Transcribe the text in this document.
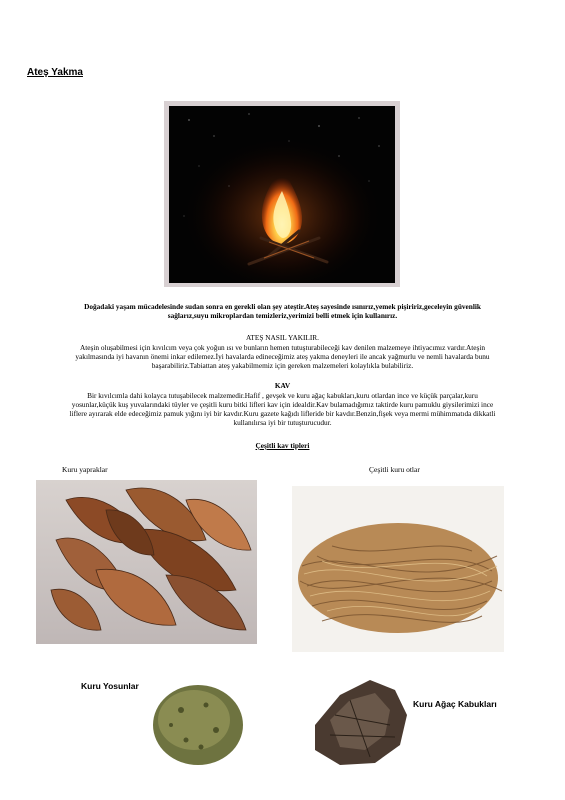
Ateş Yakma
Doğadaki yaşam mücadelesinde sudan sonra en gerekli olan şey ateştir.Ateş sayesinde ısınırız,yemek pişiririz,geceleyin güvenlik
sağlarız,suyu mikroplardan temizleriz,yerimizi belli etmek için kullanırız.
ATEŞ NASIL YAKILIR.
Ateşin oluşabilmesi için kıvılcım veya çok yoğun ısı ve bunların hemen tutuşturabileceği kav denilen malzemeye ihtiyacımız vardır.Ateşin
yakılmasında iyi havanın önemi inkar edilemez.İyi havalarda edineceğimiz ateş yakma deneyleri ile ancak yağmurlu ve nemli havalarda bunu
başarabiliriz.Tabiattan ateş yakabilmemiz için gereken malzemeleri kolaylıkla bulabiliriz.
KAV
Bir kıvılcımla dahi kolayca tutuşabilecek malzemedir.Hafif , gevşek ve kuru ağaç kabukları,kuru otlardan ince ve küçük parçalar,kuru
yosunlar,küçük kuş yuvalarındaki tüyler ve çeşitli kuru bitki lifleri kav için idealdir.Kav bulamadığımız taktirde kuru pamuklu giysilerimizi ince
liflere ayırarak elde edeceğimiz pamuk yığını iyi bir kavdır.Kuru gazete kağıdı lifleride bir kavdır.Benzin,fişek veya mermi mühimmatıda dikkatli
kullanılırsa iyi bir tutuşturucudur.
Çeşitli kav tipleri
Kuru yapraklar	Çeşitli kuru otlar
Kuru Yosunlar
Kuru Ağaç Kabukları
